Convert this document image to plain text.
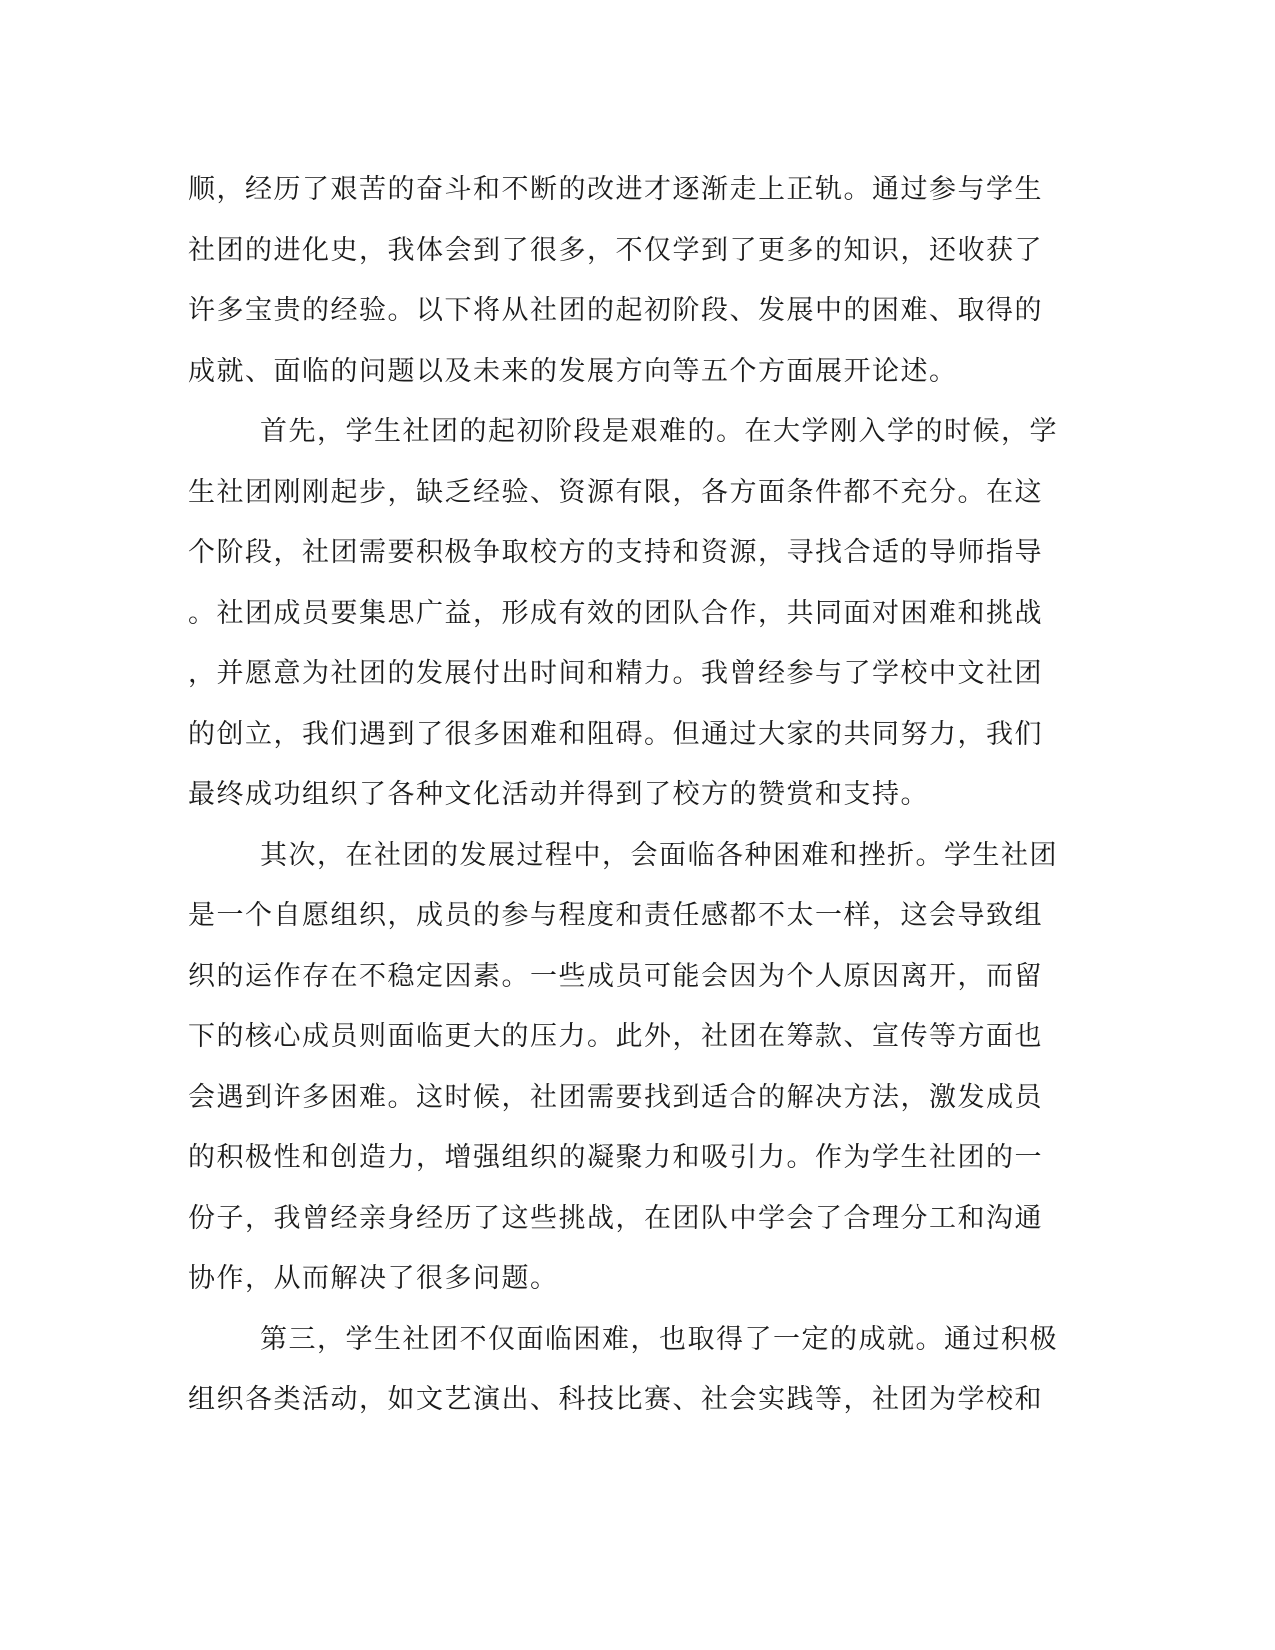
顺，经历了艰苦的奋斗和不断的改进才逐渐走上正轨。通过参与学生
社团的进化史，我体会到了很多，不仅学到了更多的知识，还收获了
许多宝贵的经验。以下将从社团的起初阶段、发展中的困难、取得的
成就、面临的问题以及未来的发展方向等五个方面展开论述。
首先，学生社团的起初阶段是艰难的。在大学刚入学的时候，学
生社团刚刚起步，缺乏经验、资源有限，各方面条件都不充分。在这
个阶段，社团需要积极争取校方的支持和资源，寻找合适的导师指导
。社团成员要集思广益，形成有效的团队合作，共同面对困难和挑战
，并愿意为社团的发展付出时间和精力。我曾经参与了学校中文社团
的创立，我们遇到了很多困难和阻碍。但通过大家的共同努力，我们
最终成功组织了各种文化活动并得到了校方的赞赏和支持。
其次，在社团的发展过程中，会面临各种困难和挫折。学生社团
是一个自愿组织，成员的参与程度和责任感都不太一样，这会导致组
织的运作存在不稳定因素。一些成员可能会因为个人原因离开，而留
下的核心成员则面临更大的压力。此外，社团在筹款、宣传等方面也
会遇到许多困难。这时候，社团需要找到适合的解决方法，激发成员
的积极性和创造力，增强组织的凝聚力和吸引力。作为学生社团的一
份子，我曾经亲身经历了这些挑战，在团队中学会了合理分工和沟通
协作，从而解决了很多问题。
第三，学生社团不仅面临困难，也取得了一定的成就。通过积极
组织各类活动，如文艺演出、科技比赛、社会实践等，社团为学校和
